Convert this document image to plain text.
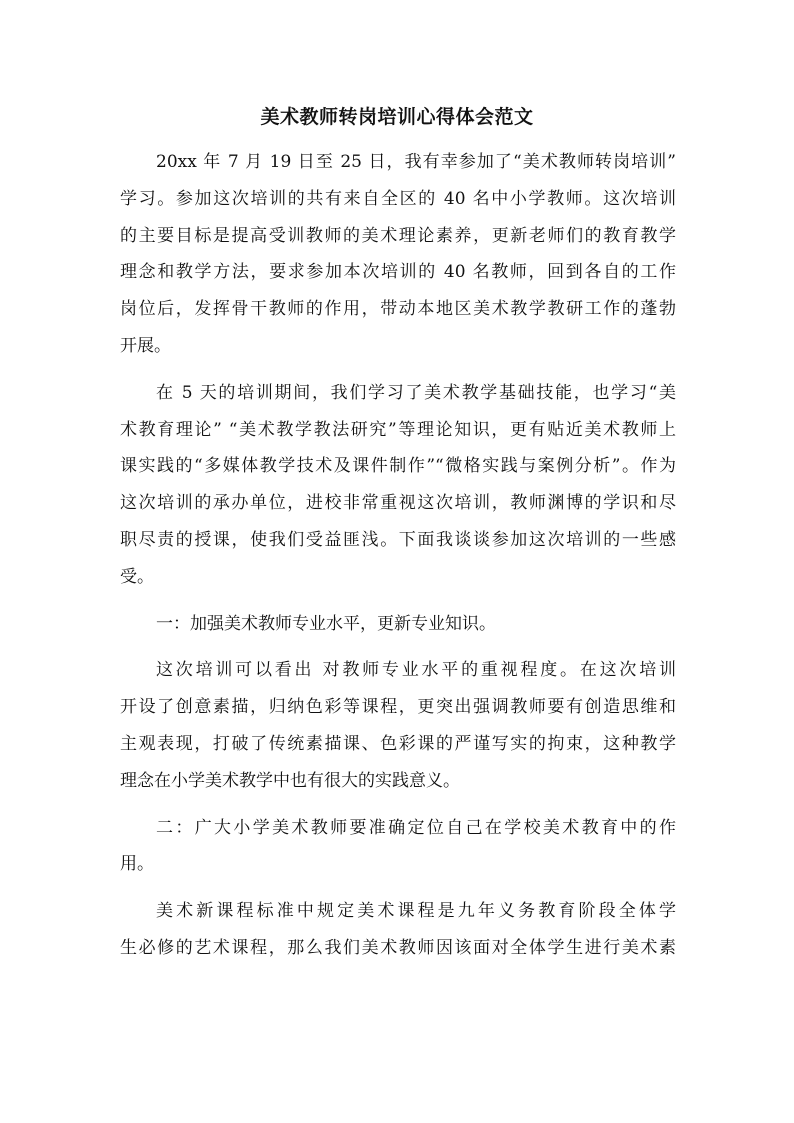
美术教师转岗培训心得体会范文
20xx 年 7 月 19 日至 25 日，我有幸参加了“美术教师转岗培训”
学习。参加这次培训的共有来自全区的 40 名中小学教师。这次培训
的主要目标是提高受训教师的美术理论素养，更新老师们的教育教学
理念和教学方法，要求参加本次培训的 40 名教师，回到各自的工作
岗位后，发挥骨干教师的作用，带动本地区美术教学教研工作的蓬勃
开展。
在 5 天的培训期间，我们学习了美术教学基础技能，也学习“美
术教育理论” “美术教学教法研究”等理论知识，更有贴近美术教师上
课实践的“多媒体教学技术及课件制作”“微格实践与案例分析”。作为
这次培训的承办单位，进校非常重视这次培训，教师渊博的学识和尽
职尽责的授课，使我们受益匪浅。下面我谈谈参加这次培训的一些感
受。
一：加强美术教师专业水平，更新专业知识。
这次培训可以看出 对教师专业水平的重视程度。在这次培训
开设了创意素描，归纳色彩等课程，更突出强调教师要有创造思维和
主观表现，打破了传统素描课、色彩课的严谨写实的拘束，这种教学
理念在小学美术教学中也有很大的实践意义。
二：广大小学美术教师要准确定位自己在学校美术教育中的作
用。
美术新课程标准中规定美术课程是九年义务教育阶段全体学
生必修的艺术课程，那么我们美术教师因该面对全体学生进行美术素
